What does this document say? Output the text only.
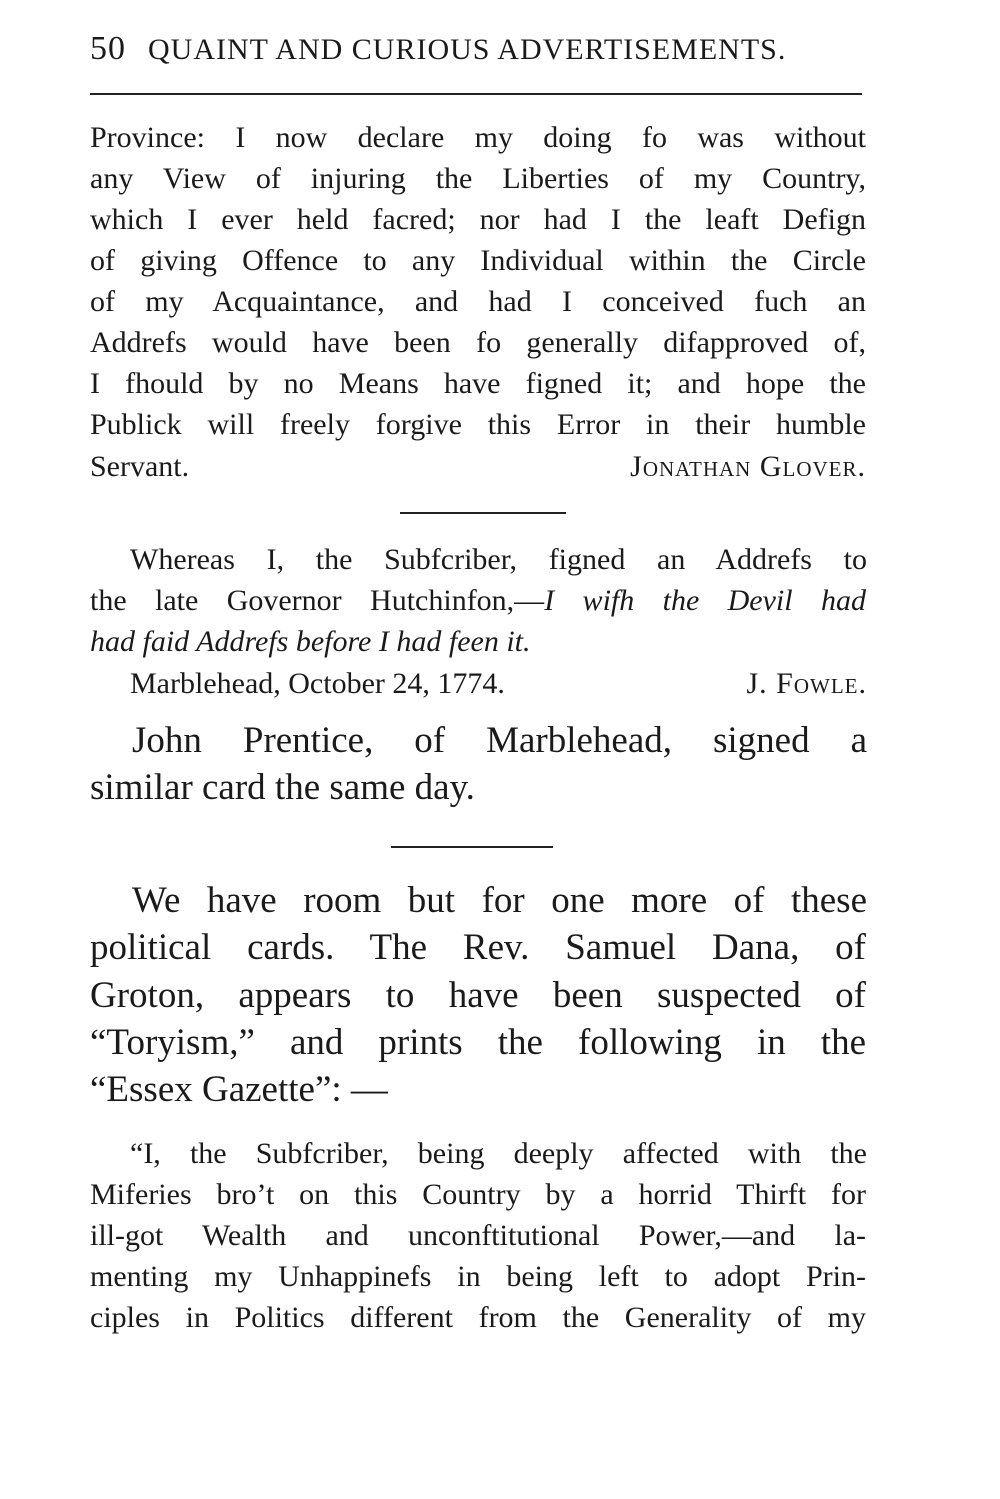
50 QUAINT AND CURIOUS ADVERTISEMENTS.
Province: I now declare my doing fo was without
any View of injuring the Liberties of my Country,
which I ever held facred; nor had I the leaft Defign
of giving Offence to any Individual within the Circle
of my Acquaintance, and had I conceived fuch an
Addrefs would have been fo generally difapproved of,
I fhould by no Means have figned it; and hope the
Publick will freely forgive this Error in their humble
Servant.	Jonathan Glover.
Whereas I, the Subfcriber, figned an Addrefs to
the late Governor Hutchinfon,—I wifh the Devil had
had faid Addrefs before I had feen it.
Marblehead, October 24, 1774.	J. Fowle.
John Prentice, of Marblehead, signed a
similar card the same day.
We have room but for one more of these
political cards. The Rev. Samuel Dana, of
Groton, appears to have been suspected of
“Toryism,” and prints the following in the
“Essex Gazette”: —
“I, the Subfcriber, being deeply affected with the
Miferies bro’t on this Country by a horrid Thirft for
ill-got Wealth and unconftitutional Power,—and la-
menting my Unhappinefs in being left to adopt Prin-
ciples in Politics different from the Generality of my
